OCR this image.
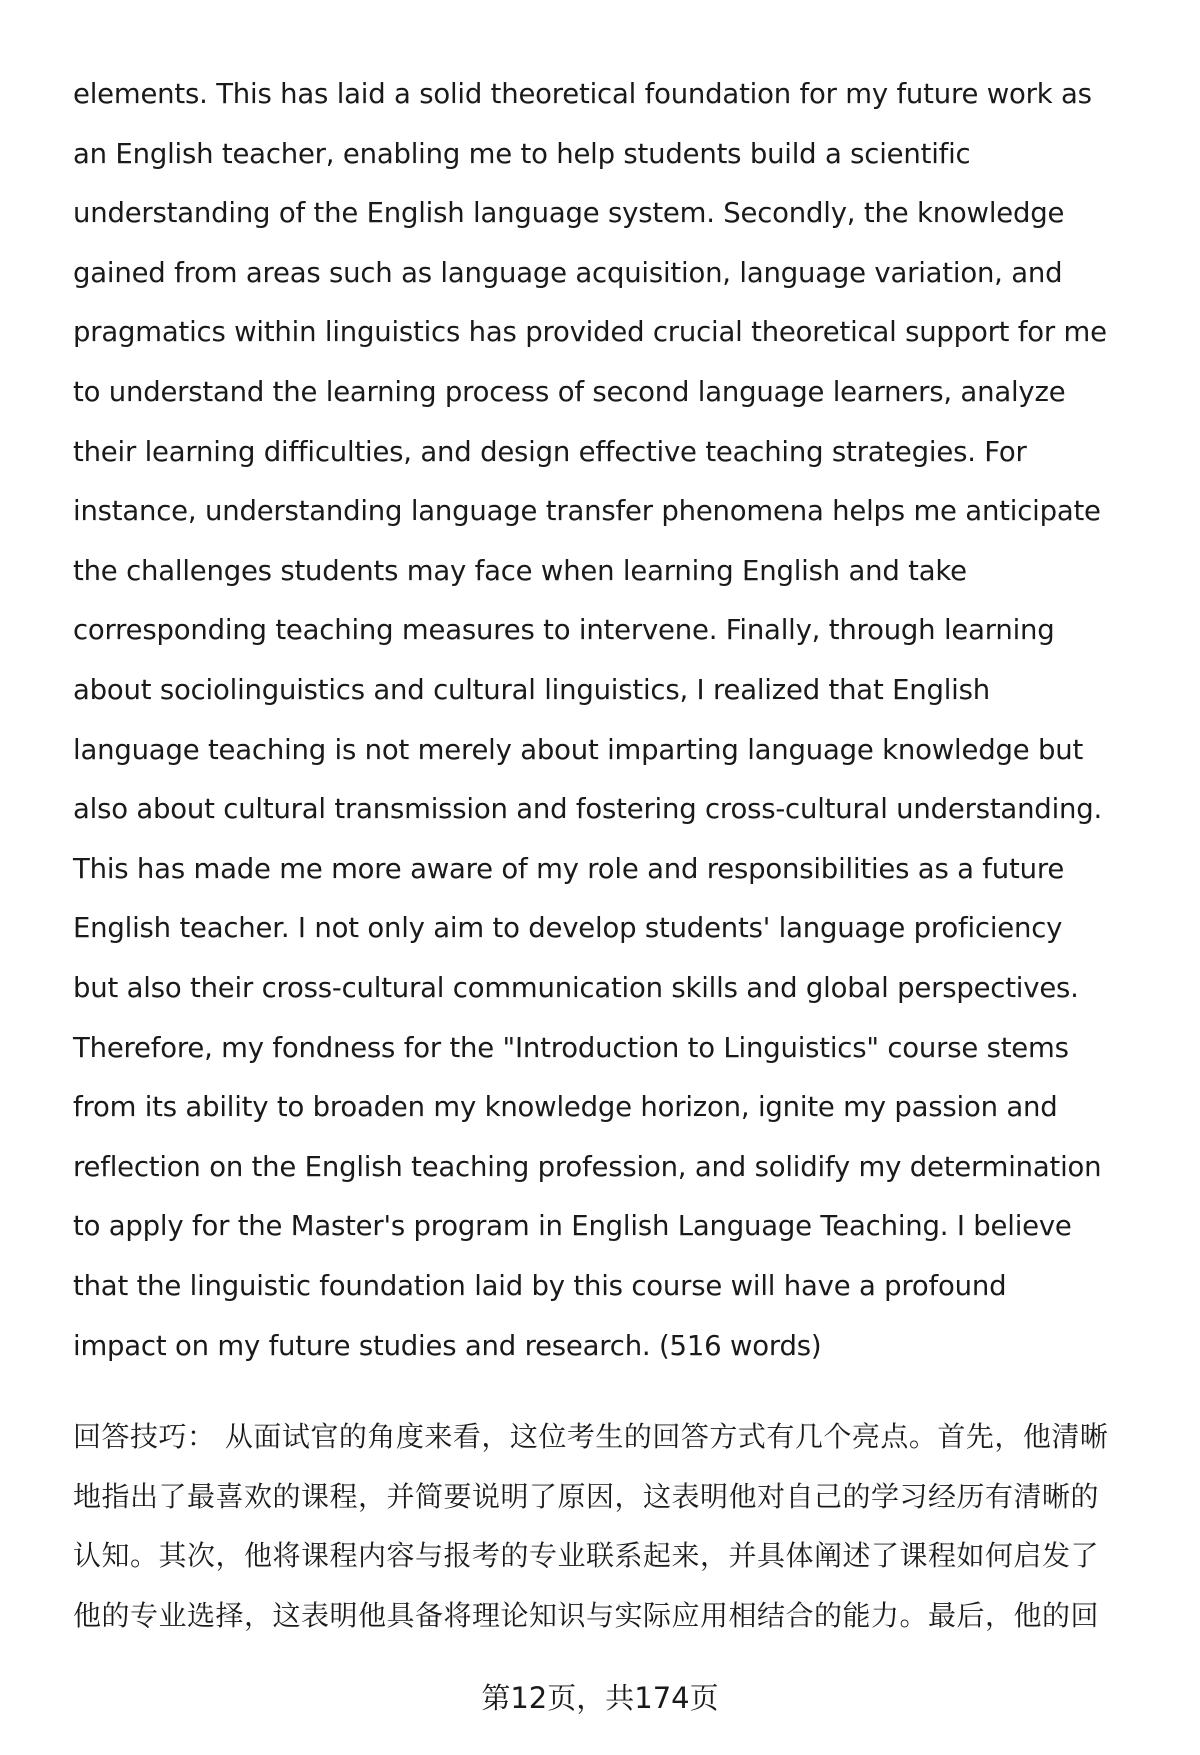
elements. This has laid a solid theoretical foundation for my future work as
an English teacher, enabling me to help students build a scientific
understanding of the English language system. Secondly, the knowledge
gained from areas such as language acquisition, language variation, and
pragmatics within linguistics has provided crucial theoretical support for me
to understand the learning process of second language learners, analyze
their learning difficulties, and design effective teaching strategies. For
instance, understanding language transfer phenomena helps me anticipate
the challenges students may face when learning English and take
corresponding teaching measures to intervene. Finally, through learning
about sociolinguistics and cultural linguistics, I realized that English
language teaching is not merely about imparting language knowledge but
also about cultural transmission and fostering cross-cultural understanding.
This has made me more aware of my role and responsibilities as a future
English teacher. I not only aim to develop students' language proficiency
but also their cross-cultural communication skills and global perspectives.
Therefore, my fondness for the "Introduction to Linguistics" course stems
from its ability to broaden my knowledge horizon, ignite my passion and
reflection on the English teaching profession, and solidify my determination
to apply for the Master's program in English Language Teaching. I believe
that the linguistic foundation laid by this course will have a profound
impact on my future studies and research. (516 words)
回答技巧： 从面试官的角度来看，这位考生的回答方式有几个亮点。首先，他清晰
地指出了最喜欢的课程，并简要说明了原因，这表明他对自己的学习经历有清晰的
认知。其次，他将课程内容与报考的专业联系起来，并具体阐述了课程如何启发了
他的专业选择，这表明他具备将理论知识与实际应用相结合的能力。最后，他的回
第12页，共174页
